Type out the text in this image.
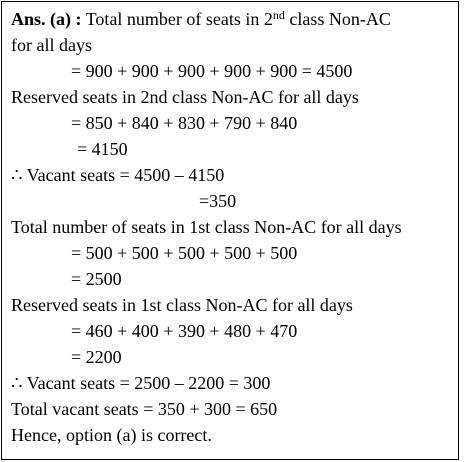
Ans. (a) : Total number of seats in 2nd class Non-AC
for all days
= 900 + 900 + 900 + 900 + 900 = 4500
Reserved seats in 2nd class Non-AC for all days
= 850 + 840 + 830 + 790 + 840
= 4150
∴ Vacant seats = 4500 – 4150
=350
Total number of seats in 1st class Non-AC for all days
= 500 + 500 + 500 + 500 + 500
= 2500
Reserved seats in 1st class Non-AC for all days
= 460 + 400 + 390 + 480 + 470
= 2200
∴ Vacant seats = 2500 – 2200 = 300
Total vacant seats = 350 + 300 = 650
Hence, option (a) is correct.
